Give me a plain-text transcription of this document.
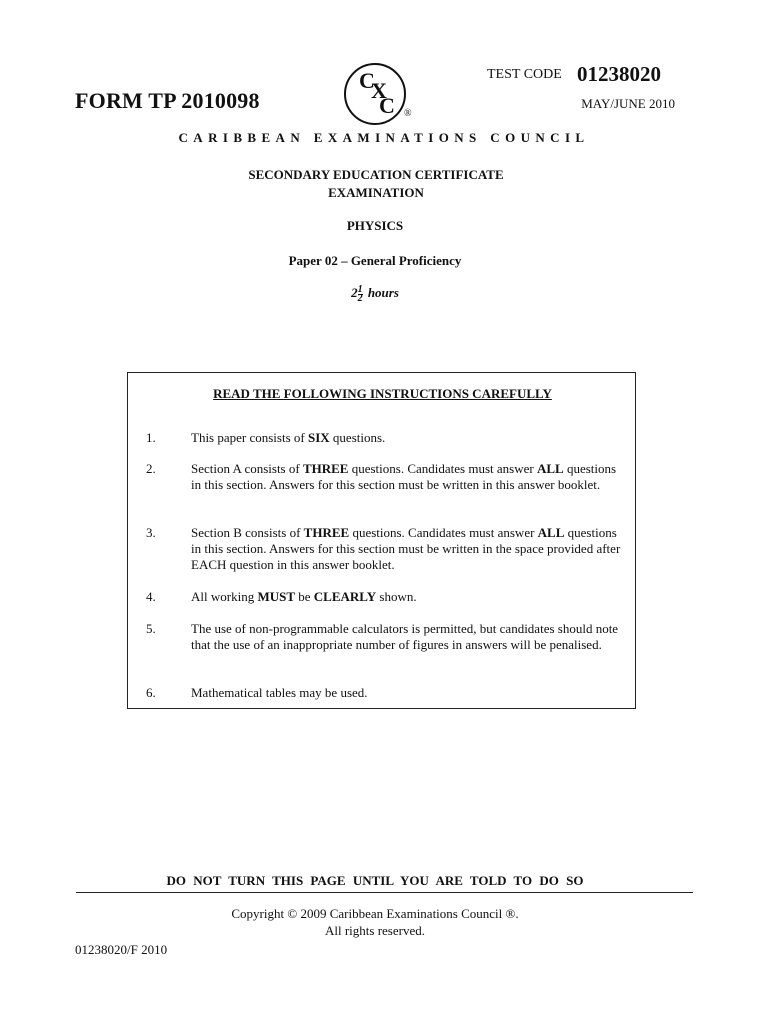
FORM TP 2010098
C
X
C ®
TEST CODE 01238020
MAY/JUNE 2010
CARIBBEAN EXAMINATIONS COUNCIL
SECONDARY EDUCATION CERTIFICATE
EXAMINATION
PHYSICS
Paper 02 – General Proficiency
$2 \frac{1}{2}$ hours
READ THE FOLLOWING INSTRUCTIONS CAREFULLY
1.	This paper consists of SIX questions.
2.	Section A consists of THREE questions. Candidates must answer ALL questions in this section. Answers for this section must be written in this answer booklet.
3.	Section B consists of THREE questions. Candidates must answer ALL questions in this section. Answers for this section must be written in the space provided after EACH question in this answer booklet.
4.	All working MUST be CLEARLY shown.
5.	The use of non-programmable calculators is permitted, but candidates should note that the use of an inappropriate number of figures in answers will be penalised.
6.	Mathematical tables may be used.
DO NOT TURN THIS PAGE UNTIL YOU ARE TOLD TO DO SO
Copyright © 2009 Caribbean Examinations Council ®.
All rights reserved.
01238020/F 2010
